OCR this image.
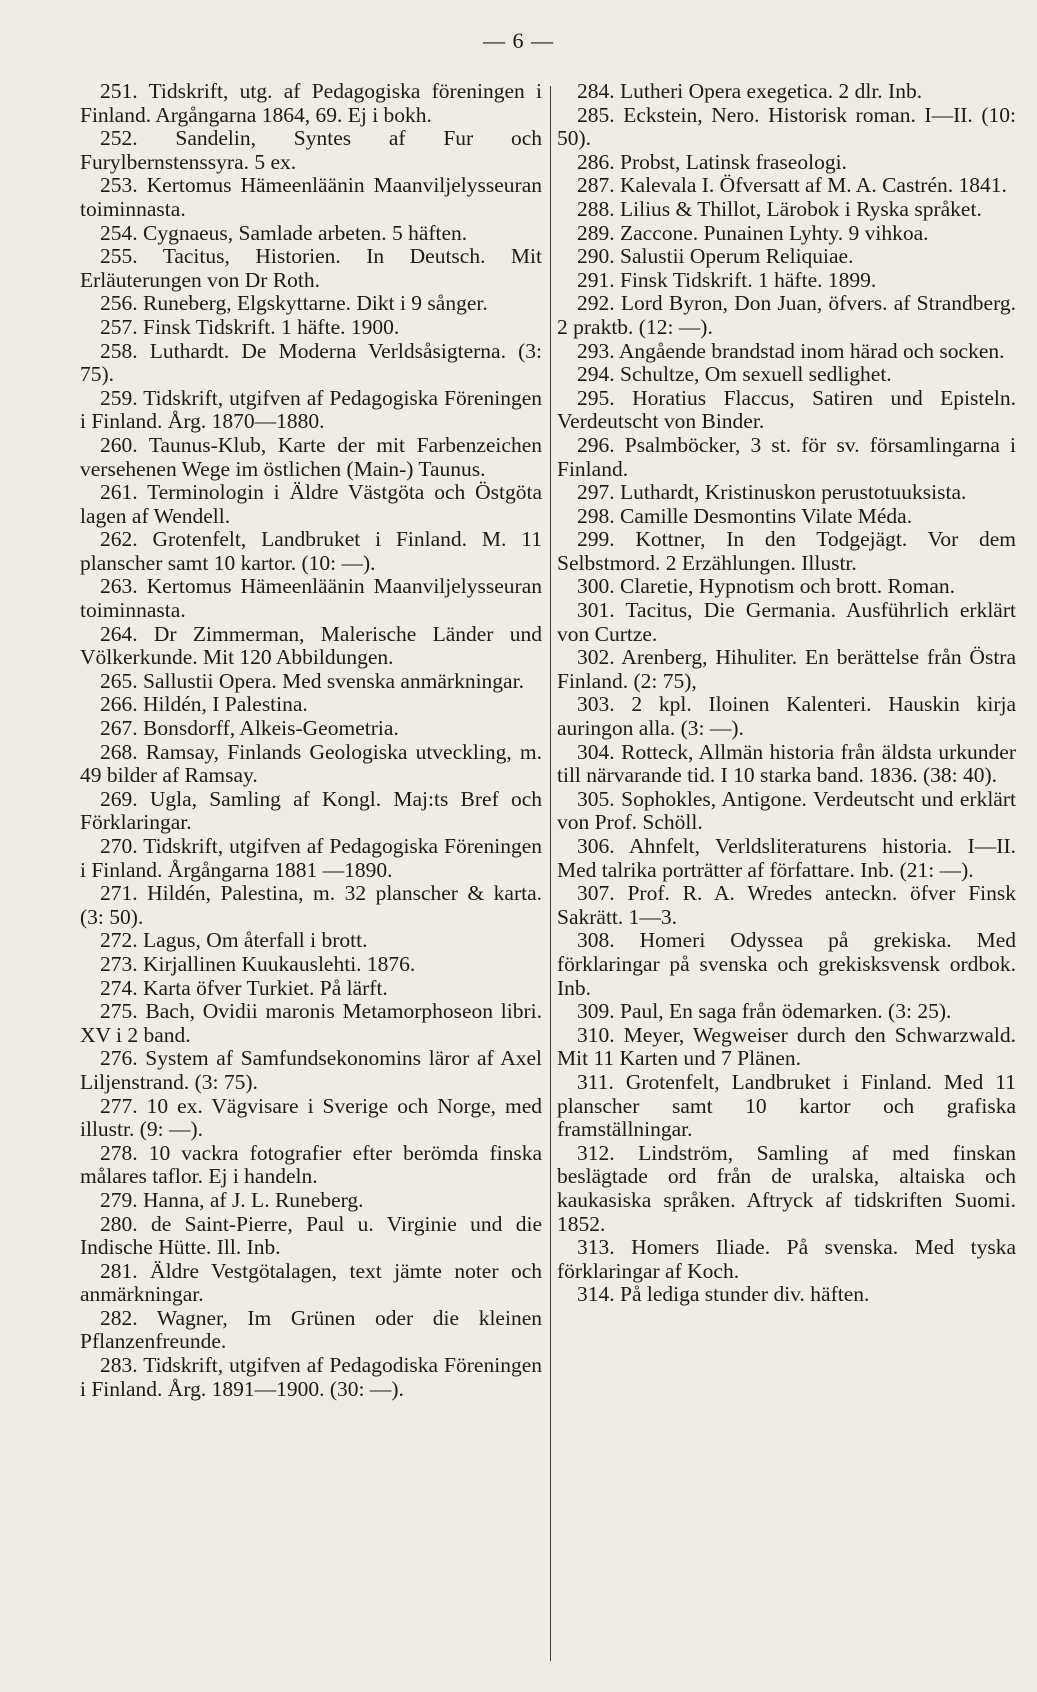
— 6 —

251. Tidskrift, utg. af Pedagogiska föreningen i Finland. Argångarna 1864, 69. Ej i bokh.

252. Sandelin, Syntes af Fur och Furylbernstenssyra. 5 ex.

253. Kertomus Hämeenläänin Maanviljelysseuran toiminnasta.

254. Cygnaeus, Samlade arbeten. 5 häften.

255. Tacitus, Historien. In Deutsch. Mit Erläuterungen von Dr Roth.

256. Runeberg, Elgskyttarne. Dikt i 9 sånger.

257. Finsk Tidskrift. 1 häfte. 1900.

258. Luthardt. De Moderna Verldsåsigterna. (3: 75).

259. Tidskrift, utgifven af Pedagogiska Föreningen i Finland. Årg. 1870—1880.

260. Taunus-Klub, Karte der mit Farbenzeichen versehenen Wege im östlichen (Main-) Taunus.

261. Terminologin i Äldre Västgöta och Östgöta lagen af Wendell.

262. Grotenfelt, Landbruket i Finland. M. 11 planscher samt 10 kartor. (10: —).

263. Kertomus Hämeenläänin Maanviljelysseuran toiminnasta.

264. Dr Zimmerman, Malerische Länder und Völkerkunde. Mit 120 Abbildungen.

265. Sallustii Opera. Med svenska anmärkningar.

266. Hildén, I Palestina.

267. Bonsdorff, Alkeis-Geometria.

268. Ramsay, Finlands Geologiska utveckling, m. 49 bilder af Ramsay.

269. Ugla, Samling af Kongl. Maj:ts Bref och Förklaringar.

270. Tidskrift, utgifven af Pedagogiska Föreningen i Finland. Årgångarna 1881 —1890.

271. Hildén, Palestina, m. 32 planscher & karta. (3: 50).

272. Lagus, Om återfall i brott.

273. Kirjallinen Kuukauslehti. 1876.

274. Karta öfver Turkiet. På lärft.

275. Bach, Ovidii maronis Metamorphoseon libri. XV i 2 band.

276. System af Samfundsekonomins läror af Axel Liljenstrand. (3: 75).

277. 10 ex. Vägvisare i Sverige och Norge, med illustr. (9: —).

278. 10 vackra fotografier efter berömda finska målares taflor. Ej i handeln.

279. Hanna, af J. L. Runeberg.

280. de Saint-Pierre, Paul u. Virginie und die Indische Hütte. Ill. Inb.

281. Äldre Vestgötalagen, text jämte noter och anmärkningar.

282. Wagner, Im Grünen oder die kleinen Pflanzenfreunde.

283. Tidskrift, utgifven af Pedagodiska Föreningen i Finland. Årg. 1891—1900. (30: —).

284. Lutheri Opera exegetica. 2 dlr. Inb.

285. Eckstein, Nero. Historisk roman. I—II. (10: 50).

286. Probst, Latinsk fraseologi.

287. Kalevala I. Öfversatt af M. A. Castrén. 1841.

288. Lilius & Thillot, Lärobok i Ryska språket.

289. Zaccone. Punainen Lyhty. 9 vihkoa.

290. Salustii Operum Reliquiae.

291. Finsk Tidskrift. 1 häfte. 1899.

292. Lord Byron, Don Juan, öfvers. af Strandberg. 2 praktb. (12: —).

293. Angående brandstad inom härad och socken.

294. Schultze, Om sexuell sedlighet.

295. Horatius Flaccus, Satiren und Episteln. Verdeutscht von Binder.

296. Psalmböcker, 3 st. för sv. församlingarna i Finland.

297. Luthardt, Kristinuskon perustotuuksista.

298. Camille Desmontins Vilate Méda.

299. Kottner, In den Todgejägt. Vor dem Selbstmord. 2 Erzählungen. Illustr.

300. Claretie, Hypnotism och brott. Roman.

301. Tacitus, Die Germania. Ausführlich erklärt von Curtze.

302. Arenberg, Hihuliter. En berättelse från Östra Finland. (2: 75),

303. 2 kpl. Iloinen Kalenteri. Hauskin kirja auringon alla. (3: —).

304. Rotteck, Allmän historia från äldsta urkunder till närvarande tid. I 10 starka band. 1836. (38: 40).

305. Sophokles, Antigone. Verdeutscht und erklärt von Prof. Schöll.

306. Ahnfelt, Verldsliteraturens historia. I—II. Med talrika porträtter af författare. Inb. (21: —).

307. Prof. R. A. Wredes anteckn. öfver Finsk Sakrätt. 1—3.

308. Homeri Odyssea på grekiska. Med förklaringar på svenska och grekisksvensk ordbok. Inb.

309. Paul, En saga från ödemarken. (3: 25).

310. Meyer, Wegweiser durch den Schwarzwald. Mit 11 Karten und 7 Plänen.

311. Grotenfelt, Landbruket i Finland. Med 11 planscher samt 10 kartor och grafiska framställningar.

312. Lindström, Samling af med finskan beslägtade ord från de uralska, altaiska och kaukasiska språken. Aftryck af tidskriften Suomi. 1852.

313. Homers Iliade. På svenska. Med tyska förklaringar af Koch.

314. På lediga stunder div. häften.
